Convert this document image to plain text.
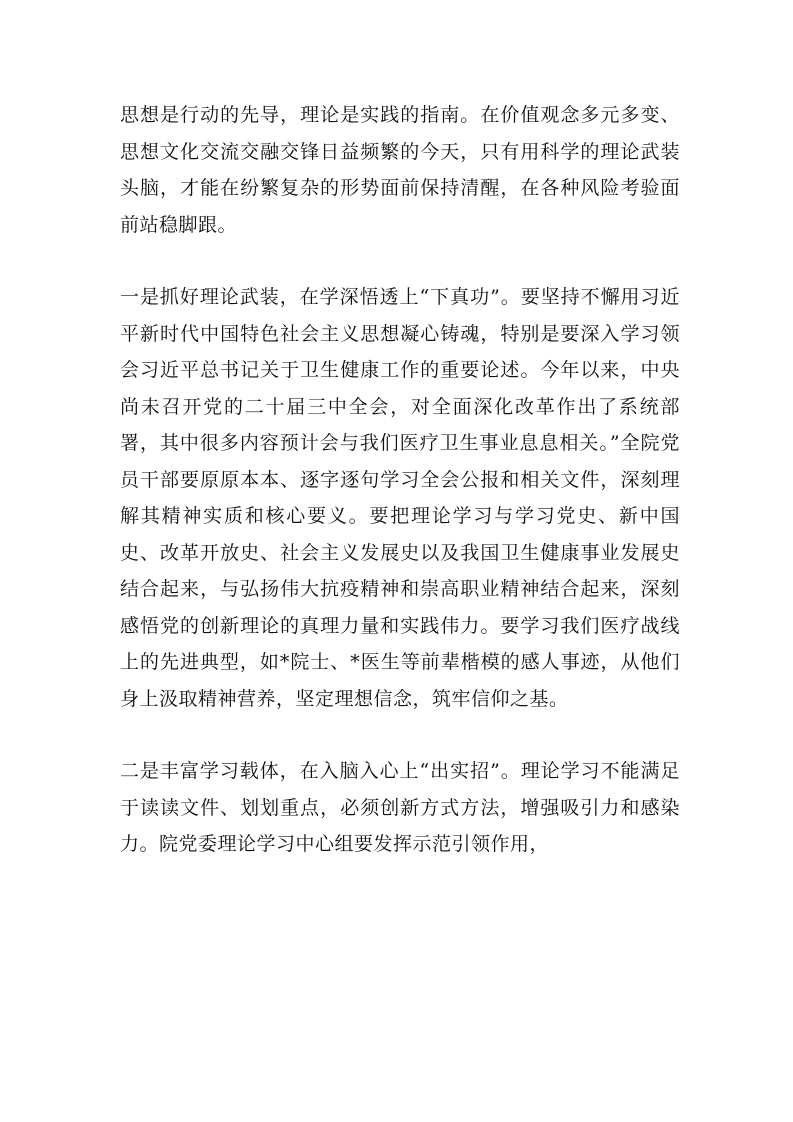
思想是行动的先导，理论是实践的指南。在价值观念多元多变、思想文化交流交融交锋日益频繁的今天，只有用科学的理论武装头脑，才能在纷繁复杂的形势面前保持清醒，在各种风险考验面前站稳脚跟。

一是抓好理论武装，在学深悟透上“下真功”。要坚持不懈用习近平新时代中国特色社会主义思想凝心铸魂，特别是要深入学习领会习近平总书记关于卫生健康工作的重要论述。今年以来，中央尚未召开党的二十届三中全会，对全面深化改革作出了系统部署，其中很多内容预计会与我们医疗卫生事业息息相关。”全院党员干部要原原本本、逐字逐句学习全会公报和相关文件，深刻理解其精神实质和核心要义。要把理论学习与学习党史、新中国史、改革开放史、社会主义发展史以及我国卫生健康事业发展史结合起来，与弘扬伟大抗疫精神和崇高职业精神结合起来，深刻感悟党的创新理论的真理力量和实践伟力。要学习我们医疗战线上的先进典型，如*院士、*医生等前辈楷模的感人事迹，从他们身上汲取精神营养，坚定理想信念，筑牢信仰之基。

二是丰富学习载体，在入脑入心上“出实招”。理论学习不能满足于读读文件、划划重点，必须创新方式方法，增强吸引力和感染力。院党委理论学习中心组要发挥示范引领作用，
